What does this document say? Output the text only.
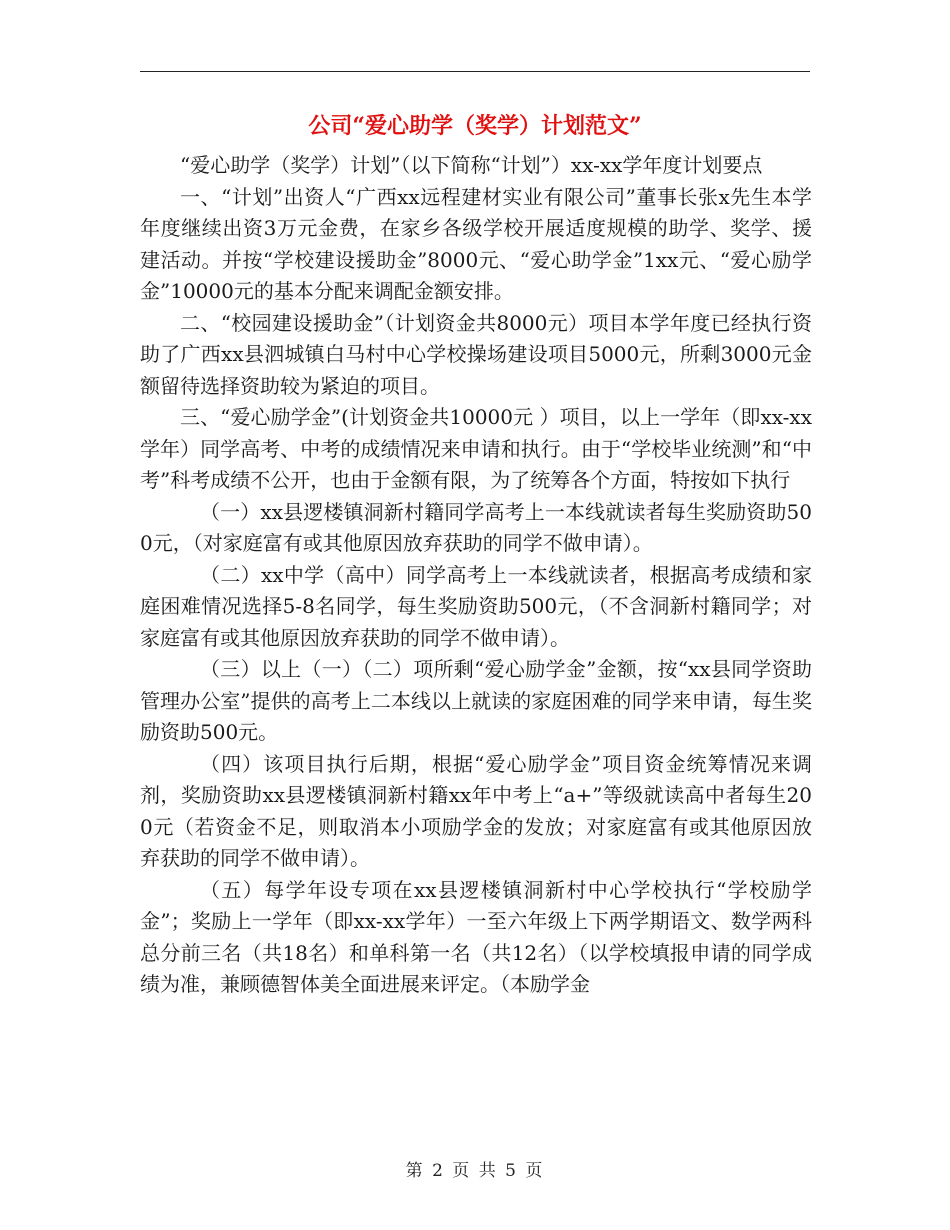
公司“爱心助学（奖学）计划范文”

“爱心助学（奖学）计划”（以下简称“计划”）xx-xx学年度计划要点

一、“计划”出资人“广西xx远程建材实业有限公司”董事长张x先生本学年度继续出资3万元金费，在家乡各级学校开展适度规模的助学、奖学、援建活动。并按“学校建设援助金”8000元、“爱心助学金”1xx元、“爱心励学金”10000元的基本分配来调配金额安排。

二、“校园建设援助金”（计划资金共8000元）项目本学年度已经执行资助了广西xx县泗城镇白马村中心学校操场建设项目5000元，所剩3000元金额留待选择资助较为紧迫的项目。

三、“爱心励学金”(计划资金共10000元 ）项目，以上一学年（即xx-xx学年）同学高考、中考的成绩情况来申请和执行。由于“学校毕业统测”和“中考”科考成绩不公开，也由于金额有限，为了统筹各个方面，特按如下执行

（一）xx县逻楼镇洞新村籍同学高考上一本线就读者每生奖励资助500元，（对家庭富有或其他原因放弃获助的同学不做申请）。

（二）xx中学（高中）同学高考上一本线就读者，根据高考成绩和家庭困难情况选择5-8名同学，每生奖励资助500元，（不含洞新村籍同学；对家庭富有或其他原因放弃获助的同学不做申请）。

（三）以上（一）（二）项所剩“爱心励学金”金额，按“xx县同学资助管理办公室”提供的高考上二本线以上就读的家庭困难的同学来申请，每生奖励资助500元。

（四）该项目执行后期，根据“爱心励学金”项目资金统筹情况来调剂，奖励资助xx县逻楼镇洞新村籍xx年中考上“a+”等级就读高中者每生200元（若资金不足，则取消本小项励学金的发放；对家庭富有或其他原因放弃获助的同学不做申请）。

（五）每学年设专项在xx县逻楼镇洞新村中心学校执行“学校励学金”；奖励上一学年（即xx-xx学年）一至六年级上下两学期语文、数学两科总分前三名（共18名）和单科第一名（共12名）（以学校填报申请的同学成绩为准，兼顾德智体美全面进展来评定。（本励学金

第 2 页 共 5 页
